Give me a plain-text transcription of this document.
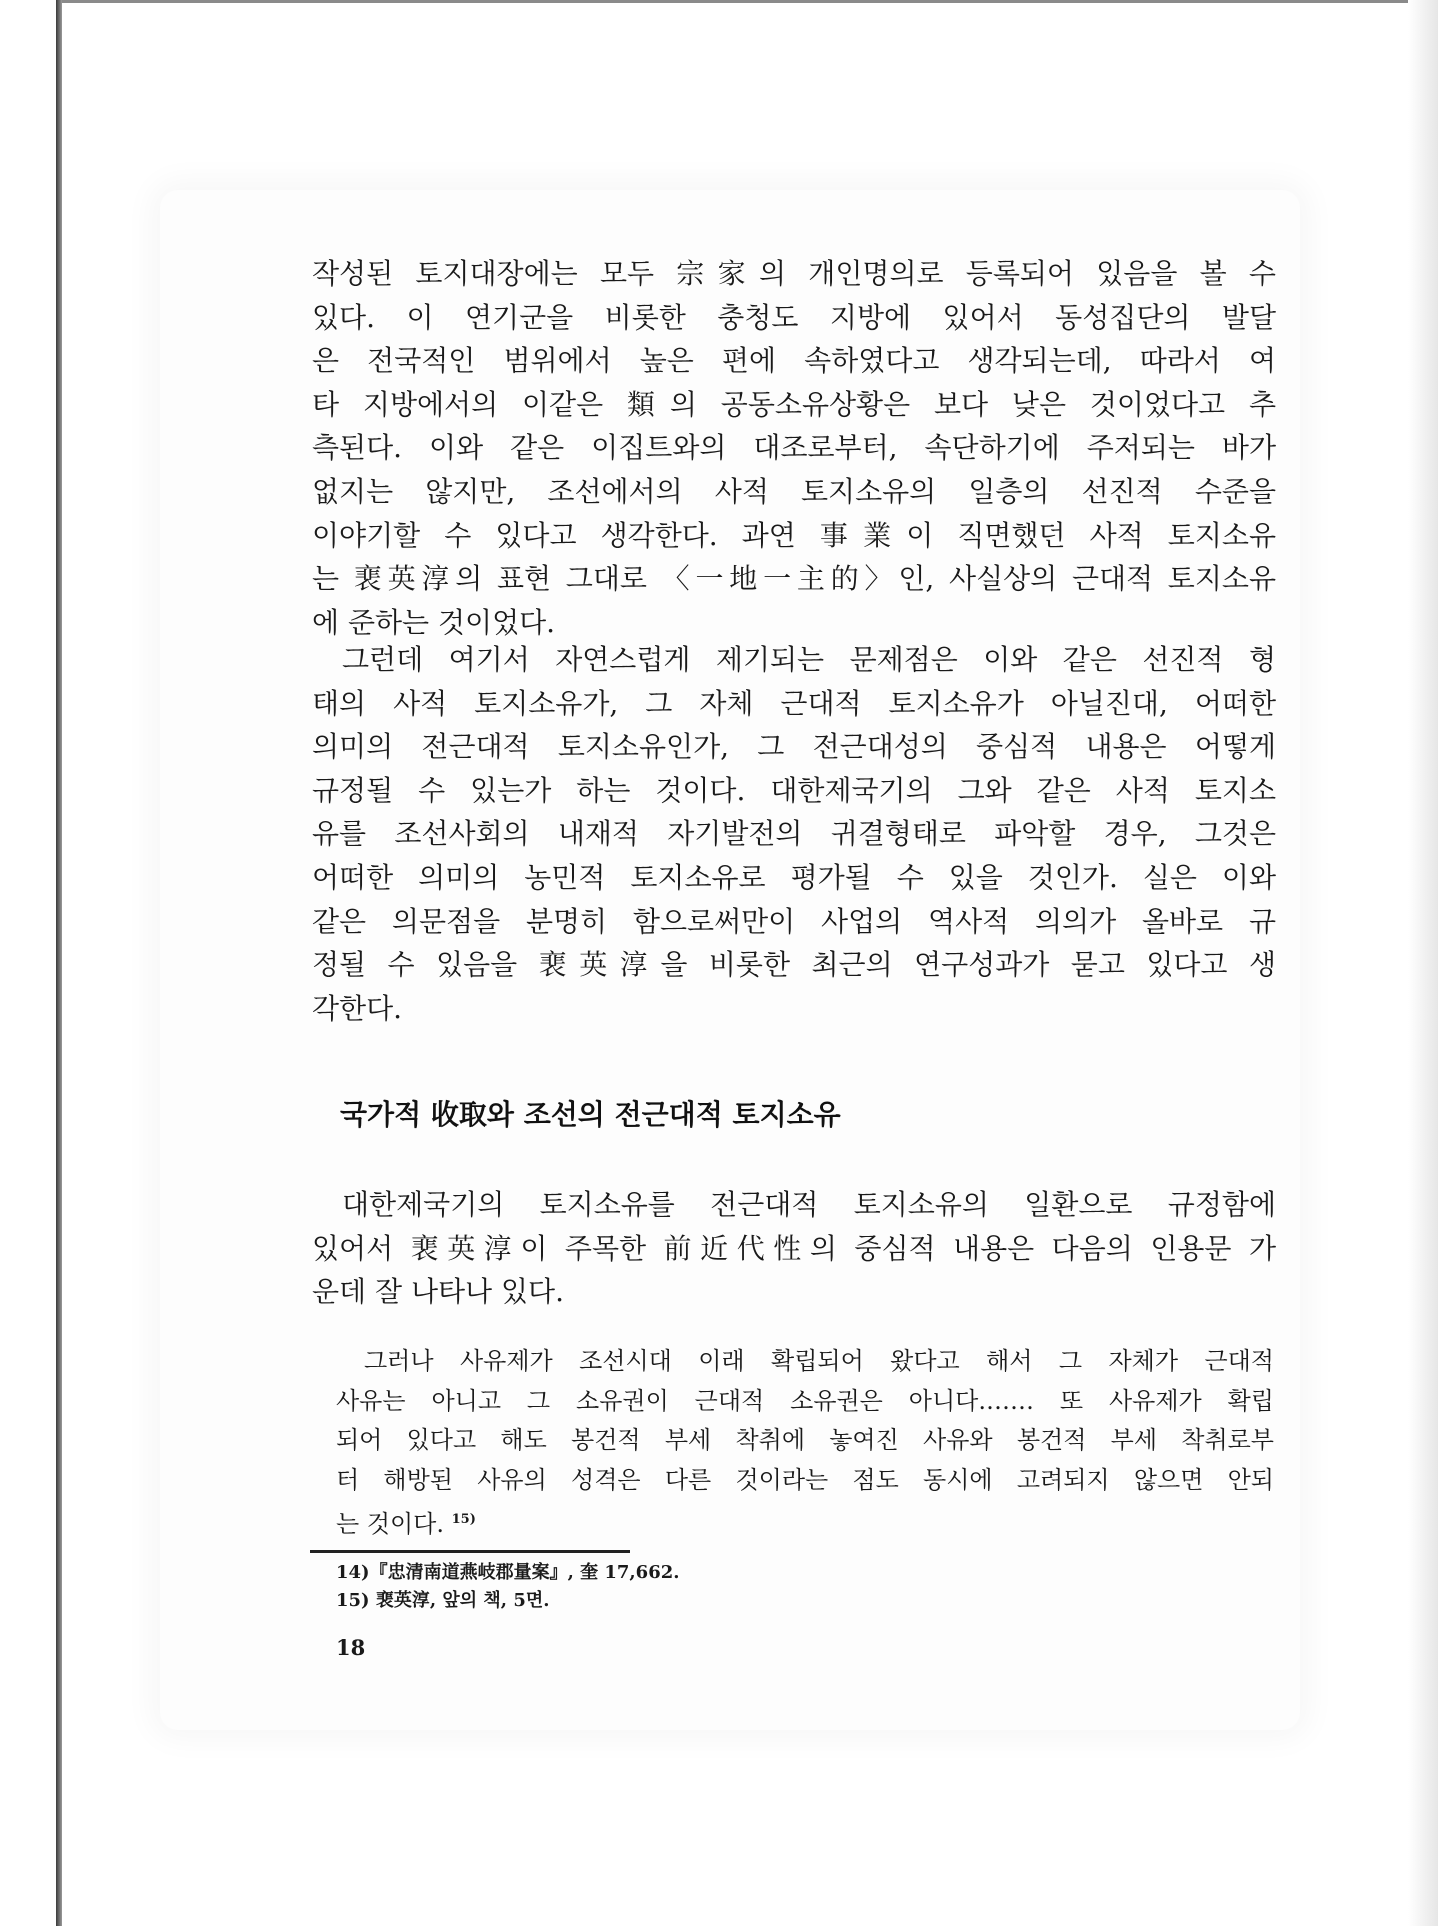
작성된 토지대장에는 모두 宗家의 개인명의로 등록되어 있음을 볼 수
있다. 이 연기군을 비롯한 충청도 지방에 있어서 동성집단의 발달
은 전국적인 범위에서 높은 편에 속하였다고 생각되는데, 따라서 여
타 지방에서의 이같은 類의 공동소유상황은 보다 낮은 것이었다고 추
측된다. 이와 같은 이집트와의 대조로부터, 속단하기에 주저되는 바가
없지는 않지만, 조선에서의 사적 토지소유의 일층의 선진적 수준을
이야기할 수 있다고 생각한다. 과연 事業이 직면했던 사적 토지소유
는 裵英淳의 표현 그대로 〈一地一主的〉인, 사실상의 근대적 토지소유
에 준하는 것이었다.
그런데 여기서 자연스럽게 제기되는 문제점은 이와 같은 선진적 형
태의 사적 토지소유가, 그 자체 근대적 토지소유가 아닐진대, 어떠한
의미의 전근대적 토지소유인가, 그 전근대성의 중심적 내용은 어떻게
규정될 수 있는가 하는 것이다. 대한제국기의 그와 같은 사적 토지소
유를 조선사회의 내재적 자기발전의 귀결형태로 파악할 경우, 그것은
어떠한 의미의 농민적 토지소유로 평가될 수 있을 것인가. 실은 이와
같은 의문점을 분명히 함으로써만이 사업의 역사적 의의가 올바로 규
정될 수 있음을 裵英淳을 비롯한 최근의 연구성과가 묻고 있다고 생
각한다.
국가적 收取와 조선의 전근대적 토지소유
대한제국기의 토지소유를 전근대적 토지소유의 일환으로 규정함에
있어서 裵英淳이 주목한 前近代性의 중심적 내용은 다음의 인용문 가
운데 잘 나타나 있다.
그러나 사유제가 조선시대 이래 확립되어 왔다고 해서 그 자체가 근대적
사유는 아니고 그 소유권이 근대적 소유권은 아니다.…… 또 사유제가 확립
되어 있다고 해도 봉건적 부세 착취에 놓여진 사유와 봉건적 부세 착취로부
터 해방된 사유의 성격은 다른 것이라는 점도 동시에 고려되지 않으면 안되
는 것이다. $^{15)}$
14)『忠清南道燕岐郡量案』, 奎 17,662.
15) 裵英淳, 앞의 책, 5면.
18
